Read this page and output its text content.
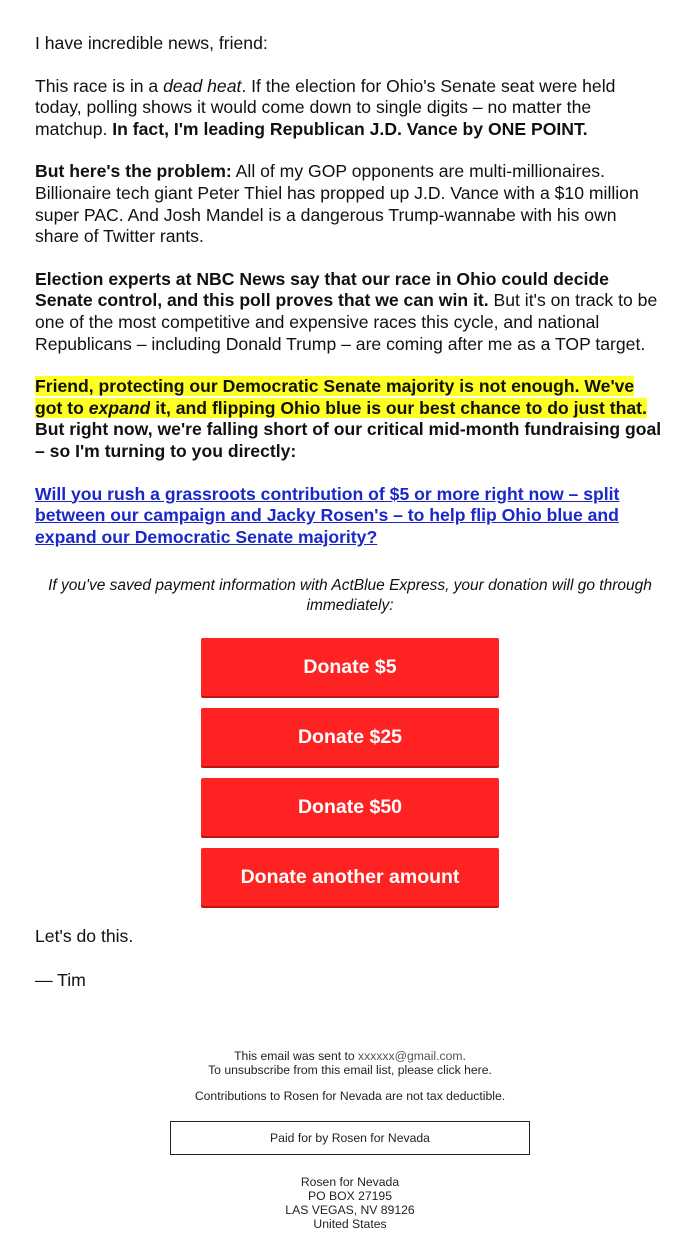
I have incredible news, friend:

This race is in a dead heat. If the election for Ohio's Senate seat were held today, polling shows it would come down to single digits – no matter the matchup. In fact, I'm leading Republican J.D. Vance by ONE POINT.

But here's the problem: All of my GOP opponents are multi-millionaires. Billionaire tech giant Peter Thiel has propped up J.D. Vance with a $10 million super PAC. And Josh Mandel is a dangerous Trump-wannabe with his own share of Twitter rants.

Election experts at NBC News say that our race in Ohio could decide Senate control, and this poll proves that we can win it. But it's on track to be one of the most competitive and expensive races this cycle, and national Republicans – including Donald Trump – are coming after me as a TOP target.

Friend, protecting our Democratic Senate majority is not enough. We've got to expand it, and flipping Ohio blue is our best chance to do just that. But right now, we're falling short of our critical mid-month fundraising goal – so I'm turning to you directly:

Will you rush a grassroots contribution of $5 or more right now – split between our campaign and Jacky Rosen's – to help flip Ohio blue and expand our Democratic Senate majority?

If you've saved payment information with ActBlue Express, your donation will go through immediately:
Donate $5
Donate $25
Donate $50
Donate another amount

Let's do this.

— Tim

This email was sent to xxxxxx@gmail.com.
To unsubscribe from this email list, please click here.
Contributions to Rosen for Nevada are not tax deductible.
Paid for by Rosen for Nevada
Rosen for Nevada
PO BOX 27195
LAS VEGAS, NV 89126
United States
